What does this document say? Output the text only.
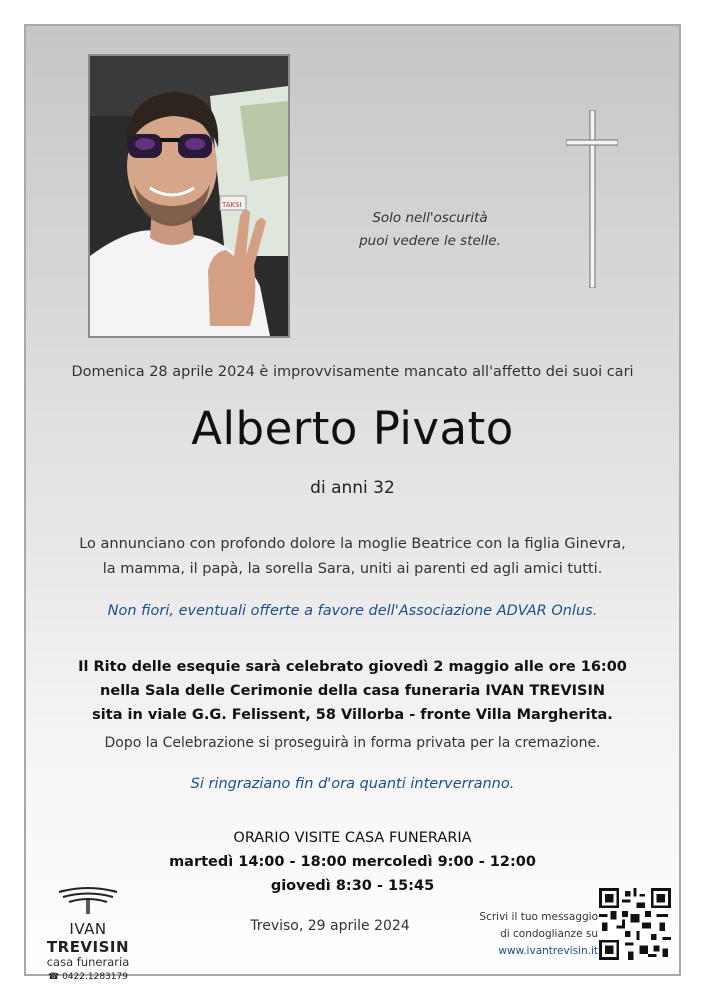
TAKSI
Solo nell'oscurità
puoi vedere le stelle.
Domenica 28 aprile 2024 è improvvisamente mancato all'affetto dei suoi cari
Alberto Pivato
di anni 32
Lo annunciano con profondo dolore la moglie Beatrice con la figlia Ginevra,
la mamma, il papà, la sorella Sara, uniti ai parenti ed agli amici tutti.
Non fiori, eventuali offerte a favore dell'Associazione ADVAR Onlus.
Il Rito delle esequie sarà celebrato giovedì 2 maggio alle ore 16:00
nella Sala delle Cerimonie della casa funeraria IVAN TREVISIN
sita in viale G.G. Felissent, 58 Villorba - fronte Villa Margherita.
Dopo la Celebrazione si proseguirà in forma privata per la cremazione.
Si ringraziano fin d'ora quanti interverranno.
ORARIO VISITE CASA FUNERARIA
martedì 14:00 - 18:00 mercoledì 9:00 - 12:00
giovedì 8:30 - 15:45
IVAN TREVISIN
casa funeraria
☎ 0422.1283179
Treviso, 29 aprile 2024
Scrivi il tuo messaggio
di condoglianze su
www.ivantrevisin.it
